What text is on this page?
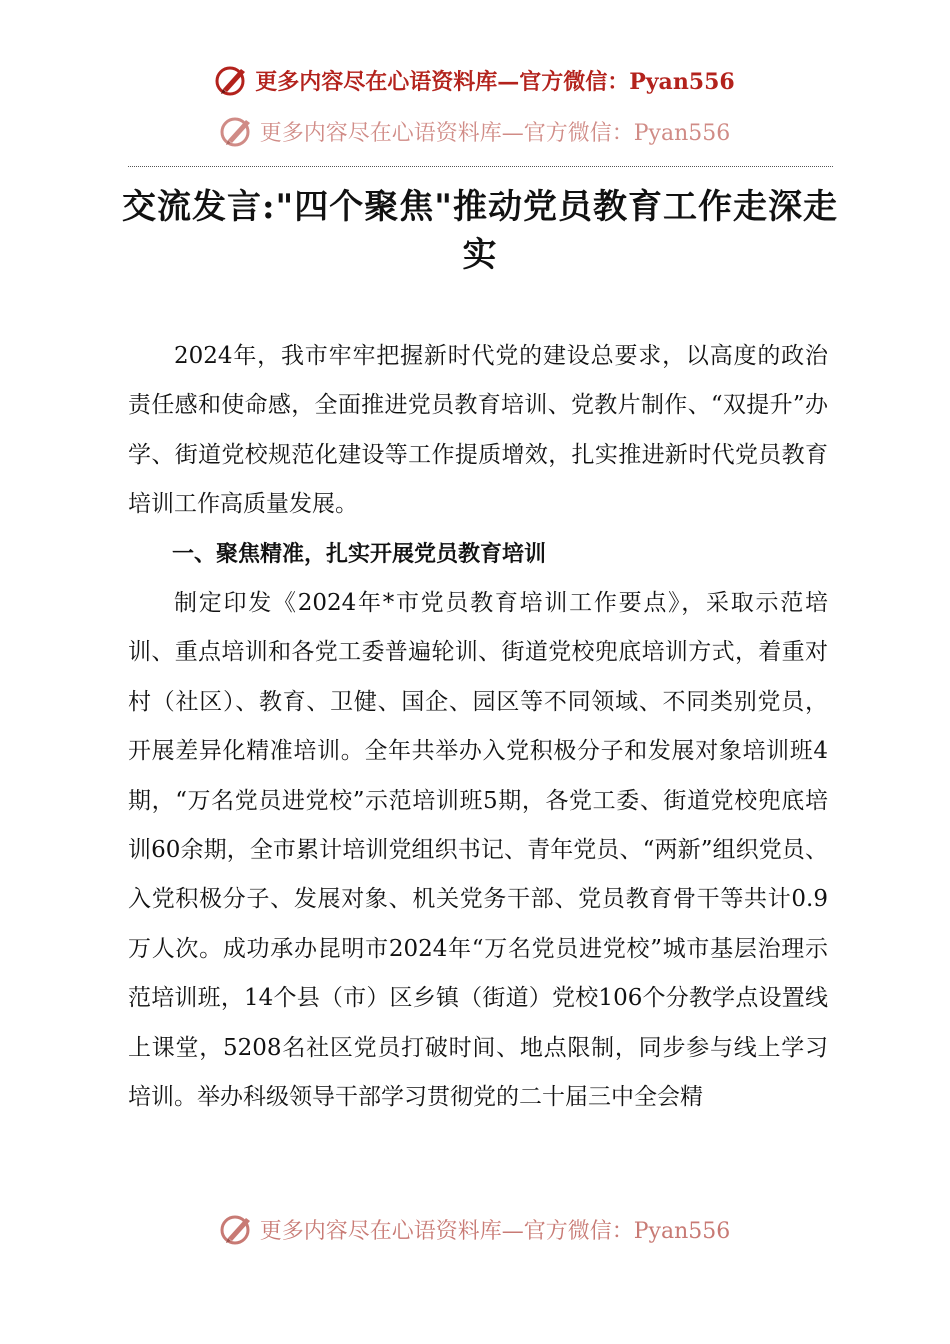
更多内容尽在心语资料库—官方微信：Pyan556
更多内容尽在心语资料库—官方微信：Pyan556
交流发言:"四个聚焦"推动党员教育工作走深走实

2024年，我市牢牢把握新时代党的建设总要求，以高度的政治责任感和使命感，全面推进党员教育培训、党教片制作、“双提升”办学、街道党校规范化建设等工作提质增效，扎实推进新时代党员教育培训工作高质量发展。

一、聚焦精准，扎实开展党员教育培训

制定印发《2024年*市党员教育培训工作要点》，采取示范培训、重点培训和各党工委普遍轮训、街道党校兜底培训方式，着重对村（社区）、教育、卫健、国企、园区等不同领域、不同类别党员，开展差异化精准培训。全年共举办入党积极分子和发展对象培训班4期，“万名党员进党校”示范培训班5期，各党工委、街道党校兜底培训60余期，全市累计培训党组织书记、青年党员、“两新”组织党员、入党积极分子、发展对象、机关党务干部、党员教育骨干等共计0.9万人次。成功承办昆明市2024年“万名党员进党校”城市基层治理示范培训班，14个县（市）区乡镇（街道）党校106个分教学点设置线上课堂，5208名社区党员打破时间、地点限制，同步参与线上学习培训。举办科级领导干部学习贯彻党的二十届三中全会精

更多内容尽在心语资料库—官方微信：Pyan556
